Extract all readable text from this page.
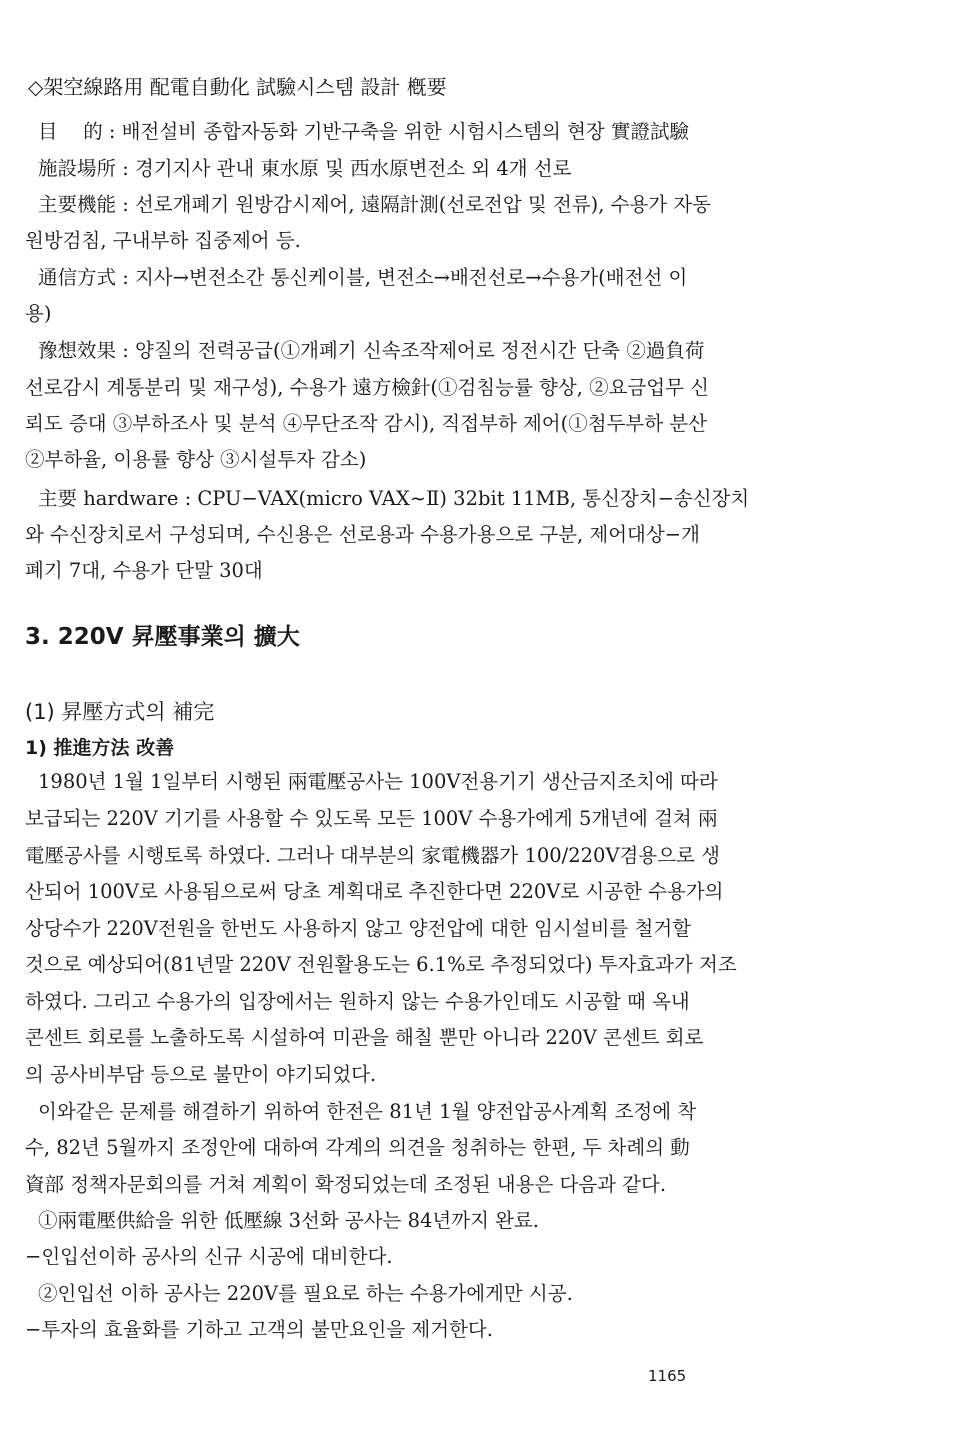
◇架空線路用 配電自動化 試驗시스템 設計 槪要
目　 的 : 배전설비 종합자동화 기반구축을 위한 시험시스템의 현장 實證試驗
施設場所 : 경기지사 관내 東水原 및 西水原변전소 외 4개 선로
主要機能 : 선로개폐기 원방감시제어, 遠隔計測(선로전압 및 전류), 수용가 자동
원방검침, 구내부하 집중제어 등.
通信方式 : 지사→변전소간 통신케이블, 변전소→배전선로→수용가(배전선 이
용)
豫想效果 : 양질의 전력공급(①개폐기 신속조작제어로 정전시간 단축 ②過負荷
선로감시 계통분리 및 재구성), 수용가 遠方檢針(①검침능률 향상, ②요금업무 신
뢰도 증대 ③부하조사 및 분석 ④무단조작 감시), 직접부하 제어(①첨두부하 분산
②부하율, 이용률 향상 ③시설투자 감소)
主要 hardware : CPU−VAX(micro VAX∼Ⅱ) 32bit 11MB, 통신장치−송신장치
와 수신장치로서 구성되며, 수신용은 선로용과 수용가용으로 구분, 제어대상−개
폐기 7대, 수용가 단말 30대
3. 220V 昇壓事業의 擴大
(1) 昇壓方式의 補完
1) 推進方法 改善
1980년 1월 1일부터 시행된 兩電壓공사는 100V전용기기 생산금지조치에 따라
보급되는 220V 기기를 사용할 수 있도록 모든 100V 수용가에게 5개년에 걸쳐 兩
電壓공사를 시행토록 하였다. 그러나 대부분의 家電機器가 100/220V겸용으로 생
산되어 100V로 사용됨으로써 당초 계획대로 추진한다면 220V로 시공한 수용가의
상당수가 220V전원을 한번도 사용하지 않고 양전압에 대한 임시설비를 철거할
것으로 예상되어(81년말 220V 전원활용도는 6.1%로 추정되었다) 투자효과가 저조
하였다. 그리고 수용가의 입장에서는 원하지 않는 수용가인데도 시공할 때 옥내
콘센트 회로를 노출하도록 시설하여 미관을 해칠 뿐만 아니라 220V 콘센트 회로
의 공사비부담 등으로 불만이 야기되었다.
이와같은 문제를 해결하기 위하여 한전은 81년 1월 양전압공사계획 조정에 착
수, 82년 5월까지 조정안에 대하여 각계의 의견을 청취하는 한편, 두 차례의 動
資部 정책자문회의를 거쳐 계획이 확정되었는데 조정된 내용은 다음과 같다.
①兩電壓供給을 위한 低壓線 3선화 공사는 84년까지 완료.
−인입선이하 공사의 신규 시공에 대비한다.
②인입선 이하 공사는 220V를 필요로 하는 수용가에게만 시공.
−투자의 효율화를 기하고 고객의 불만요인을 제거한다.
1165
